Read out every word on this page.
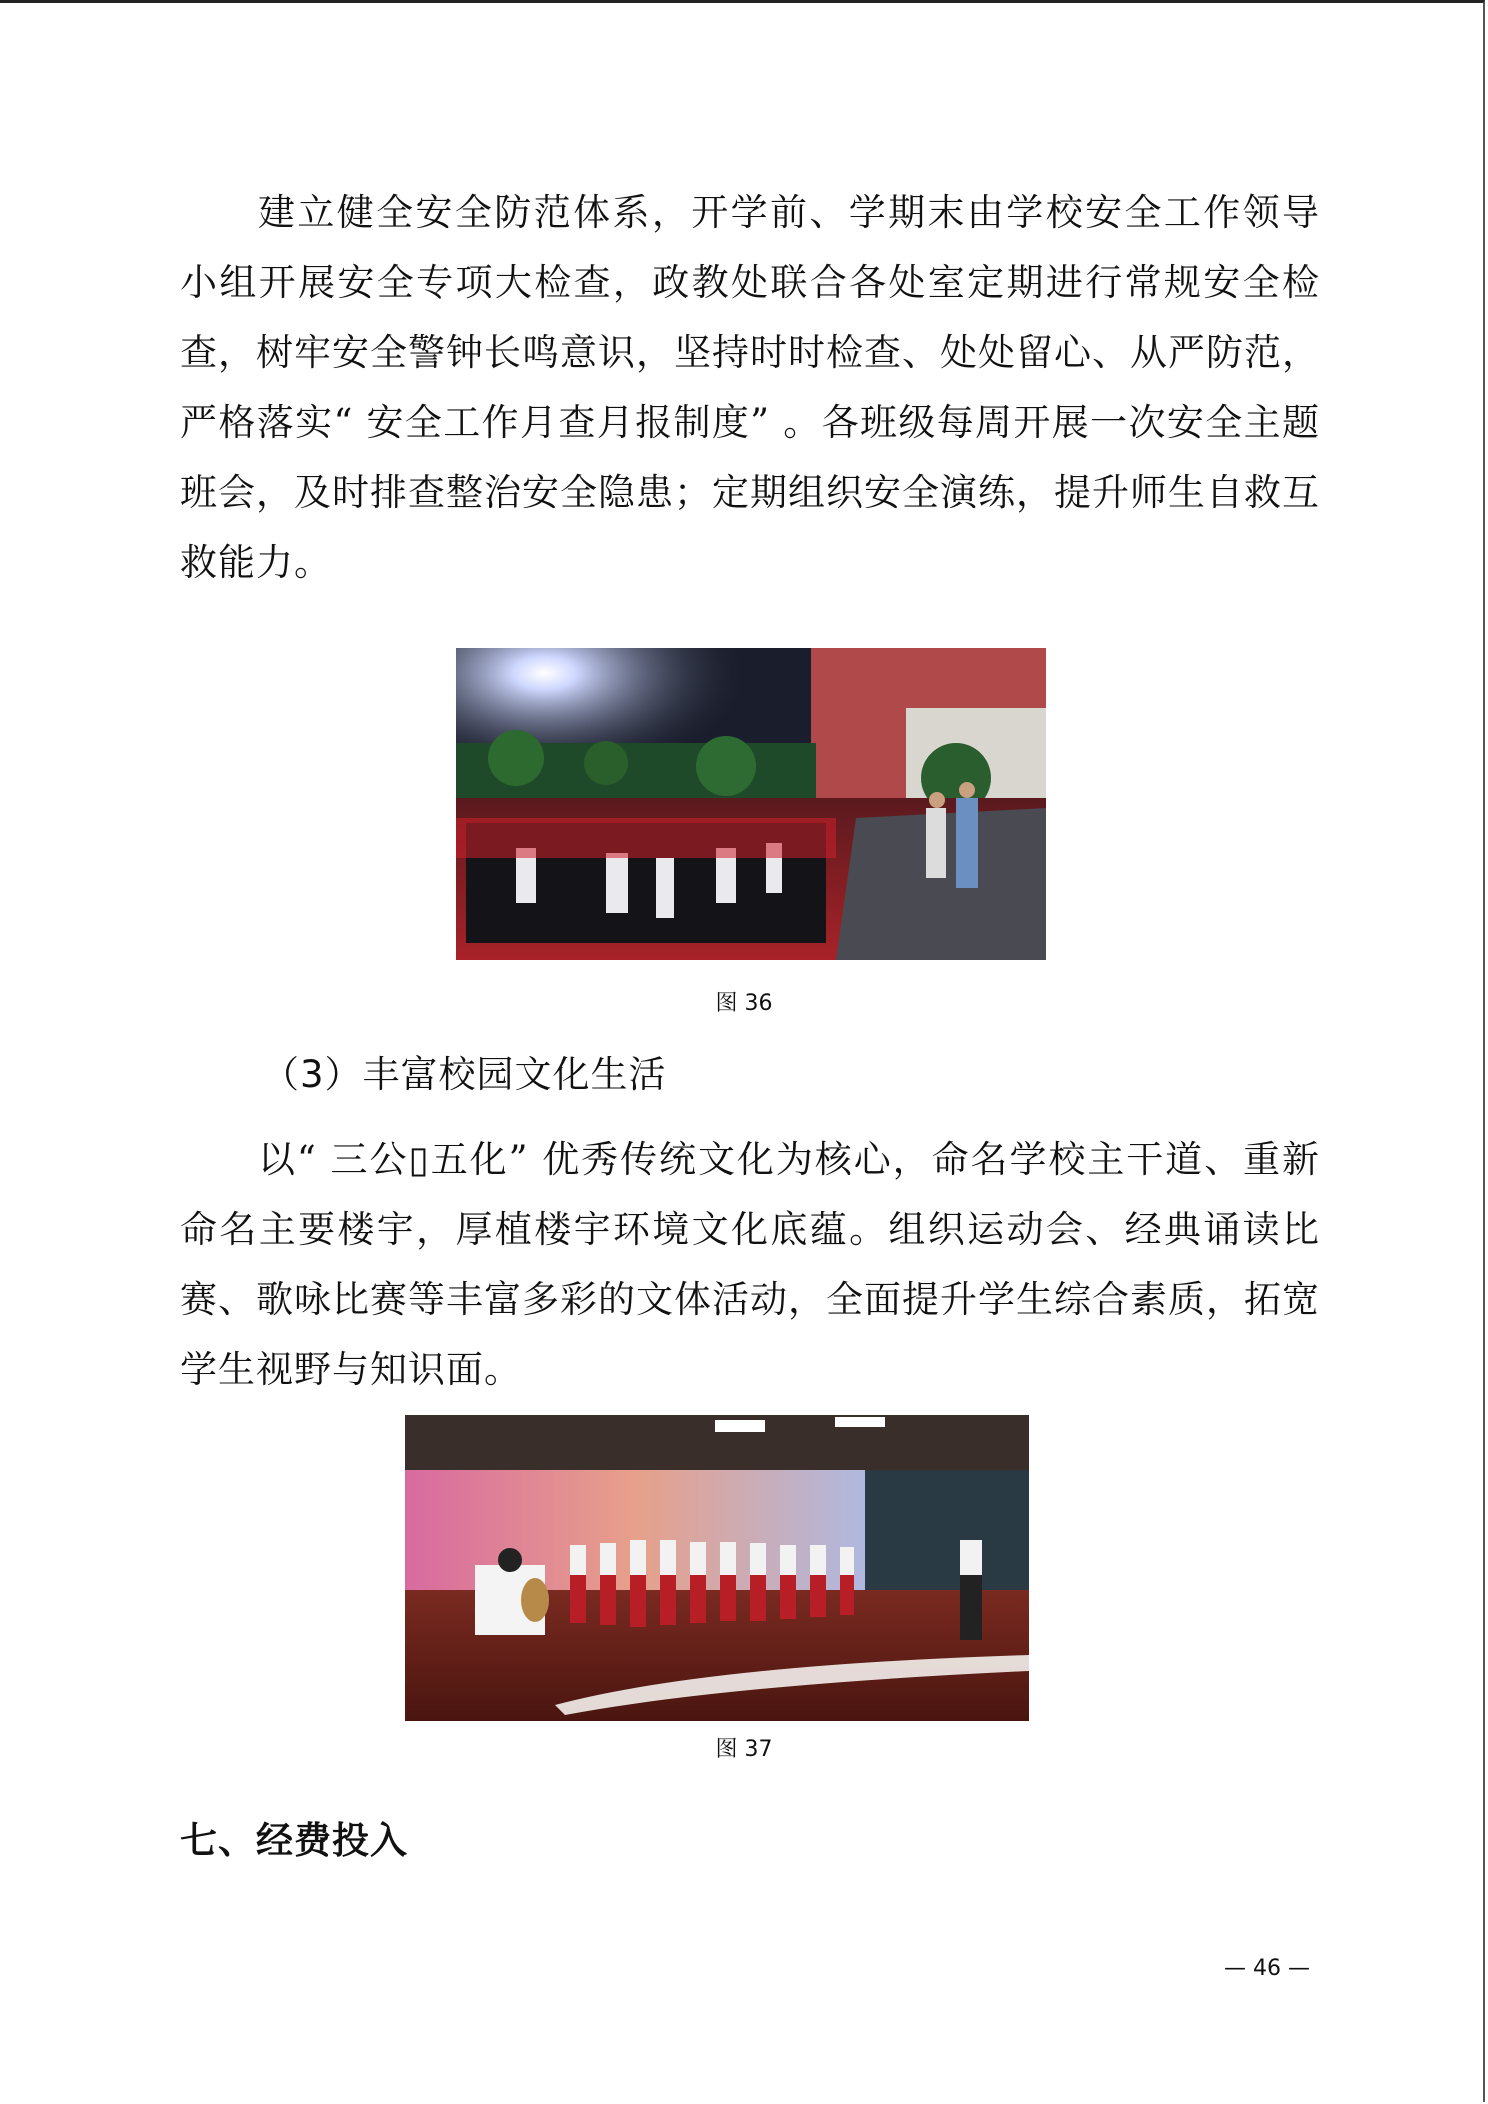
建立健全安全防范体系，开学前、学期末由学校安全工作领导小组开展安全专项大检查，政教处联合各处室定期进行常规安全检查，树牢安全警钟长鸣意识，坚持时时检查、处处留心、从严防范，严格落实“ 安全工作月查月报制度” 。各班级每周开展一次安全主题班会，及时排查整治安全隐患；定期组织安全演练，提升师生自救互救能力。

图 36

（3）丰富校园文化生活

以“ 三公▯五化” 优秀传统文化为核心，命名学校主干道、重新命名主要楼宇，厚植楼宇环境文化底蕴。组织运动会、经典诵读比赛、歌咏比赛等丰富多彩的文体活动，全面提升学生综合素质，拓宽学生视野与知识面。

图 37
七、经费投入
— 46 —
